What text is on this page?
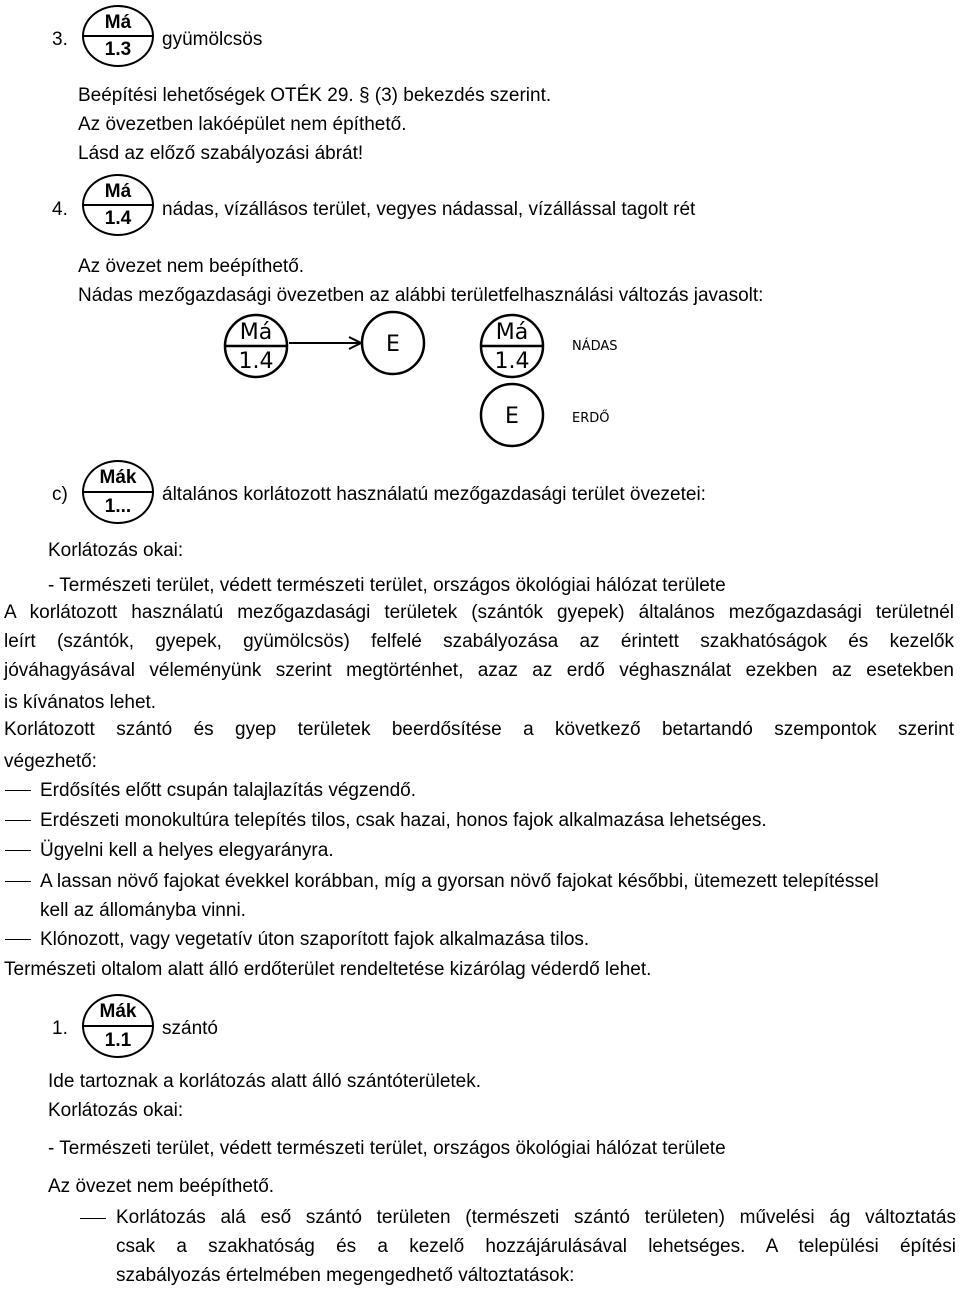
3.
Má
1.3	gyümölcsös
Beépítési lehetőségek OTÉK 29. § (3) bekezdés szerint.
Az övezetben lakóépület nem építhető.
Lásd az előző szabályozási ábrát!
4.
Má
1.4	nádas, vízállásos terület, vegyes nádassal, vízállással tagolt rét
Az övezet nem beépíthető.
Nádas mezőgazdasági övezetben az alábbi területfelhasználási változás javasolt:
Má
1.4
E	Má
1.4
NÁDAS
E	ERDŐ
c)
Mák
1...
általános korlátozott használatú mezőgazdasági terület övezetei:
Korlátozás okai:
- Természeti terület, védett természeti terület, országos ökológiai hálózat területe
A korlátozott használatú mezőgazdasági területek (szántók gyepek) általános mezőgazdasági területnél
leírt (szántók, gyepek, gyümölcsös) felfelé szabályozása az érintett szakhatóságok és kezelők
jóváhagyásával véleményünk szerint megtörténhet, azaz az erdő véghasználat ezekben az esetekben
is kívánatos lehet.
Korlátozott szántó és gyep területek beerdősítése a következő betartandó szempontok szerint
végezhető:
Erdősítés előtt csupán talajlazítás végzendő.
Erdészeti monokultúra telepítés tilos, csak hazai, honos fajok alkalmazása lehetséges.
Ügyelni kell a helyes elegyarányra.
A lassan növő fajokat évekkel korábban, míg a gyorsan növő fajokat későbbi, ütemezett telepítéssel
kell az állományba vinni.
Klónozott, vagy vegetatív úton szaporított fajok alkalmazása tilos.
Természeti oltalom alatt álló erdőterület rendeltetése kizárólag véderdő lehet.
1.
Mák
1.1
szántó
Ide tartoznak a korlátozás alatt álló szántóterületek.
Korlátozás okai:
- Természeti terület, védett természeti terület, országos ökológiai hálózat területe
Az övezet nem beépíthető.
Korlátozás alá eső szántó területen (természeti szántó területen) művelési ág változtatás
csak a szakhatóság és a kezelő hozzájárulásával lehetséges. A települési építési
szabályozás értelmében megengedhető változtatások:
